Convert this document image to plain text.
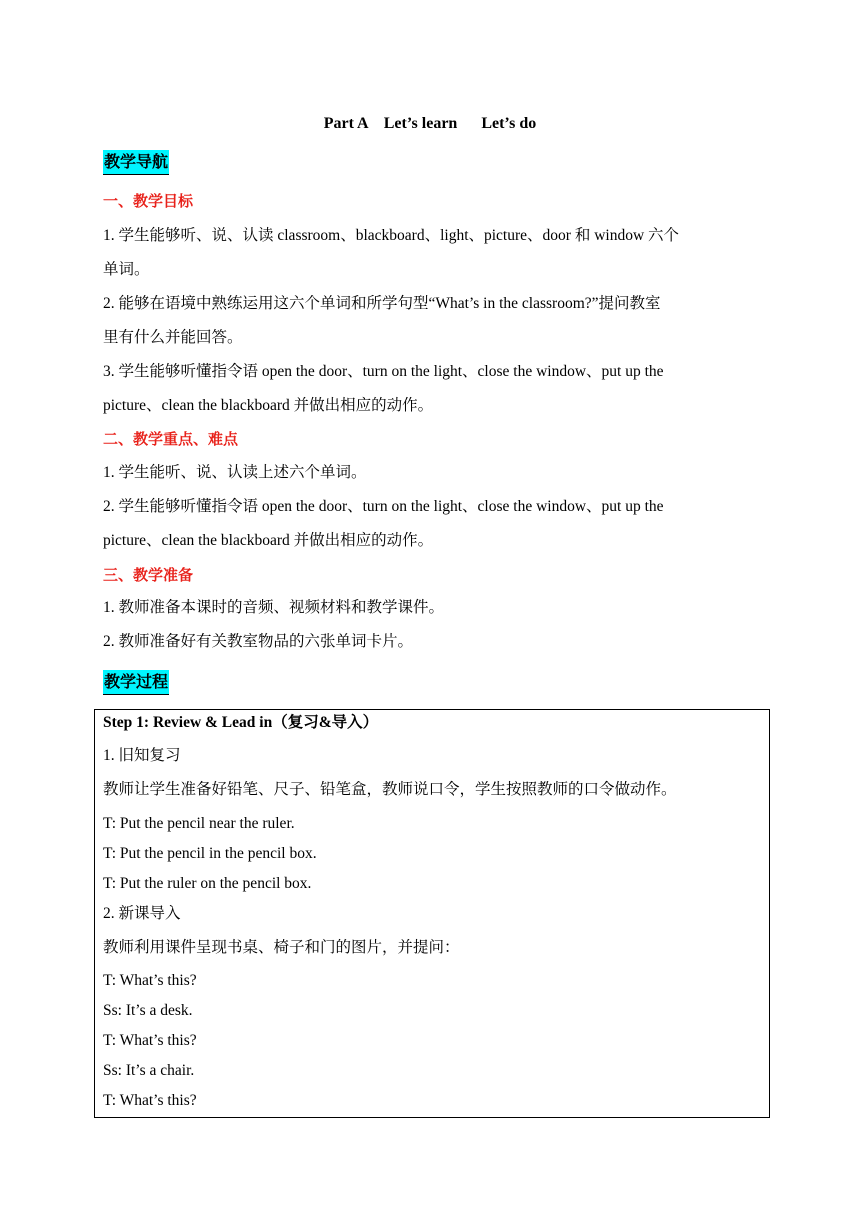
Part A    Let’s learn      Let’s do
教学导航
一、教学目标
1. 学生能够听、说、认读 classroom、blackboard、light、picture、door 和 window 六个
单词。
2. 能够在语境中熟练运用这六个单词和所学句型“What’s in the classroom?”提问教室
里有什么并能回答。
3. 学生能够听懂指令语 open the door、turn on the light、close the window、put up the
picture、clean the blackboard 并做出相应的动作。
二、教学重点、难点
1. 学生能听、说、认读上述六个单词。
2. 学生能够听懂指令语 open the door、turn on the light、close the window、put up the
picture、clean the blackboard 并做出相应的动作。
三、教学准备
1. 教师准备本课时的音频、视频材料和教学课件。
2. 教师准备好有关教室物品的六张单词卡片。
教学过程
Step 1: Review & Lead in（复习&导入）
1. 旧知复习
教师让学生准备好铅笔、尺子、铅笔盒，教师说口令，学生按照教师的口令做动作。
T: Put the pencil near the ruler.
T: Put the pencil in the pencil box.
T: Put the ruler on the pencil box.
2. 新课导入
教师利用课件呈现书桌、椅子和门的图片，并提问：
T: What’s this?
Ss: It’s a desk.
T: What’s this?
Ss: It’s a chair.
T: What’s this?
